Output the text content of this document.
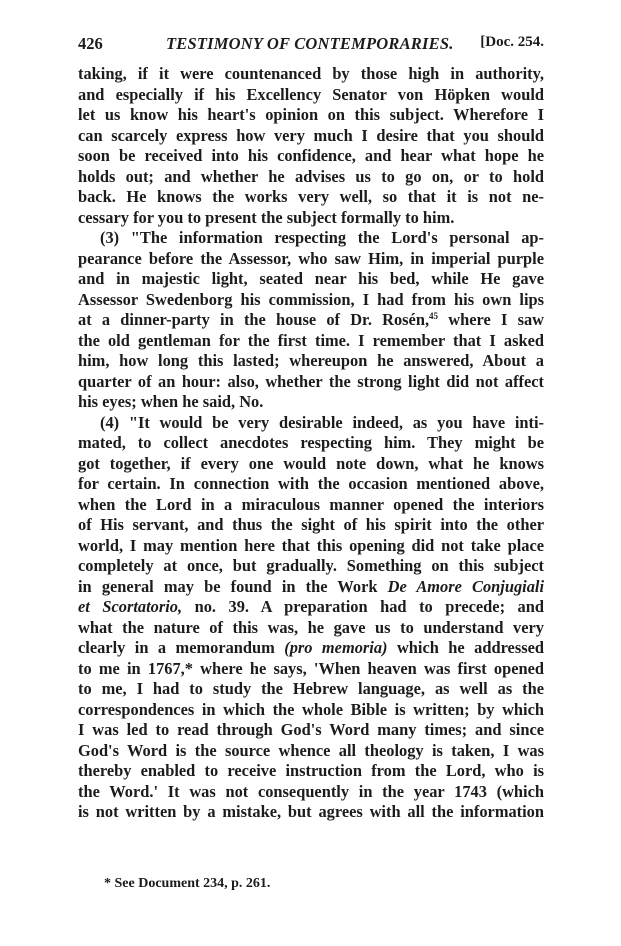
426	TESTIMONY OF CONTEMPORARIES. [Doc. 254.
taking, if it were countenanced by those high in authority,
and especially if his Excellency Senator von Höpken would
let us know his heart's opinion on this subject. Wherefore I
can scarcely express how very much I desire that you should
soon be received into his confidence, and hear what hope he
holds out; and whether he advises us to go on, or to hold
back. He knows the works very well, so that it is not ne-
cessary for you to present the subject formally to him.
(3) "The information respecting the Lord's personal ap-
pearance before the Assessor, who saw Him, in imperial purple
and in majestic light, seated near his bed, while He gave
Assessor Swedenborg his commission, I had from his own lips
at a dinner-party in the house of Dr. Rosén,$^{45}$ where I saw
the old gentleman for the first time. I remember that I asked
him, how long this lasted; whereupon he answered, About a
quarter of an hour: also, whether the strong light did not affect
his eyes; when he said, No.
(4) "It would be very desirable indeed, as you have inti-
mated, to collect anecdotes respecting him. They might be
got together, if every one would note down, what he knows
for certain. In connection with the occasion mentioned above,
when the Lord in a miraculous manner opened the interiors
of His servant, and thus the sight of his spirit into the other
world, I may mention here that this opening did not take place
completely at once, but gradually. Something on this subject
in general may be found in the Work De Amore Conjugiali
et Scortatorio, no. 39. A preparation had to precede; and
what the nature of this was, he gave us to understand very
clearly in a memorandum (pro memoria) which he addressed
to me in 1767,* where he says, 'When heaven was first opened
to me, I had to study the Hebrew language, as well as the
correspondences in which the whole Bible is written; by which
I was led to read through God's Word many times; and since
God's Word is the source whence all theology is taken, I was
thereby enabled to receive instruction from the Lord, who is
the Word.' It was not consequently in the year 1743 (which
is not written by a mistake, but agrees with all the information
* See Document 234, p. 261.
